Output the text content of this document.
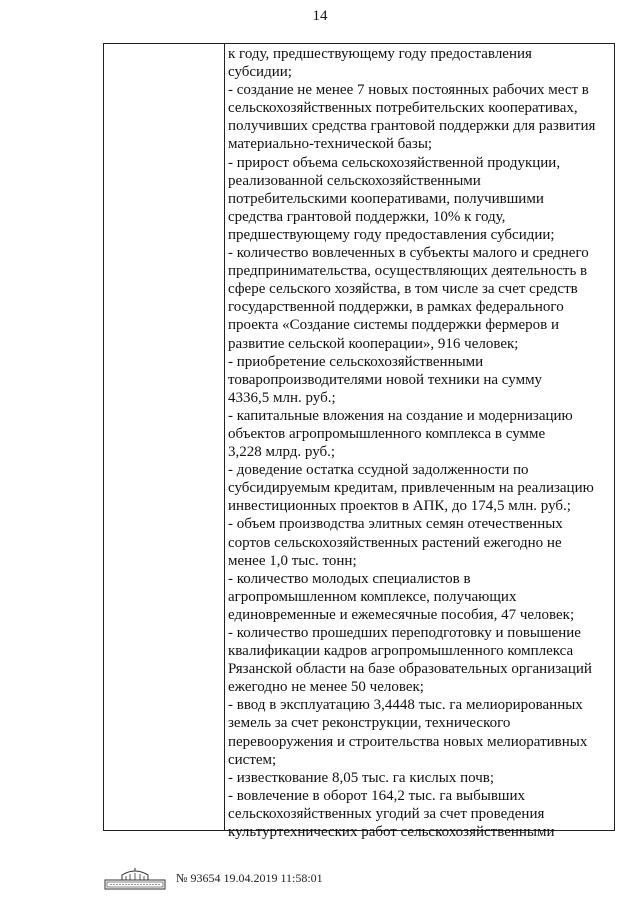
14
к году, предшествующему году предоставления
субсидии;
- создание не менее 7 новых постоянных рабочих мест в
сельскохозяйственных потребительских кооперативах,
получивших средства грантовой поддержки для развития
материально-технической базы;
- прирост объема сельскохозяйственной продукции,
реализованной сельскохозяйственными
потребительскими кооперативами, получившими
средства грантовой поддержки, 10% к году,
предшествующему году предоставления субсидии;
- количество вовлеченных в субъекты малого и среднего
предпринимательства, осуществляющих деятельность в
сфере сельского хозяйства, в том числе за счет средств
государственной поддержки, в рамках федерального
проекта «Создание системы поддержки фермеров и
развитие сельской кооперации», 916 человек;
- приобретение сельскохозяйственными
товаропроизводителями новой техники на сумму
4336,5 млн. руб.;
- капитальные вложения на создание и модернизацию
объектов агропромышленного комплекса в сумме
3,228 млрд. руб.;
- доведение остатка ссудной задолженности по
субсидируемым кредитам, привлеченным на реализацию
инвестиционных проектов в АПК, до 174,5 млн. руб.;
- объем производства элитных семян отечественных
сортов сельскохозяйственных растений ежегодно не
менее 1,0 тыс. тонн;
- количество молодых специалистов в
агропромышленном комплексе, получающих
единовременные и ежемесячные пособия, 47 человек;
- количество прошедших переподготовку и повышение
квалификации кадров агропромышленного комплекса
Рязанской области на базе образовательных организаций
ежегодно не менее 50 человек;
- ввод в эксплуатацию 3,4448 тыс. га мелиорированных
земель за счет реконструкции, технического
перевооружения и строительства новых мелиоративных
систем;
- известкование 8,05 тыс. га кислых почв;
- вовлечение в оборот 164,2 тыс. га выбывших
сельскохозяйственных угодий за счет проведения
культуртехнических работ сельскохозяйственными
№ 93654 19.04.2019 11:58:01
